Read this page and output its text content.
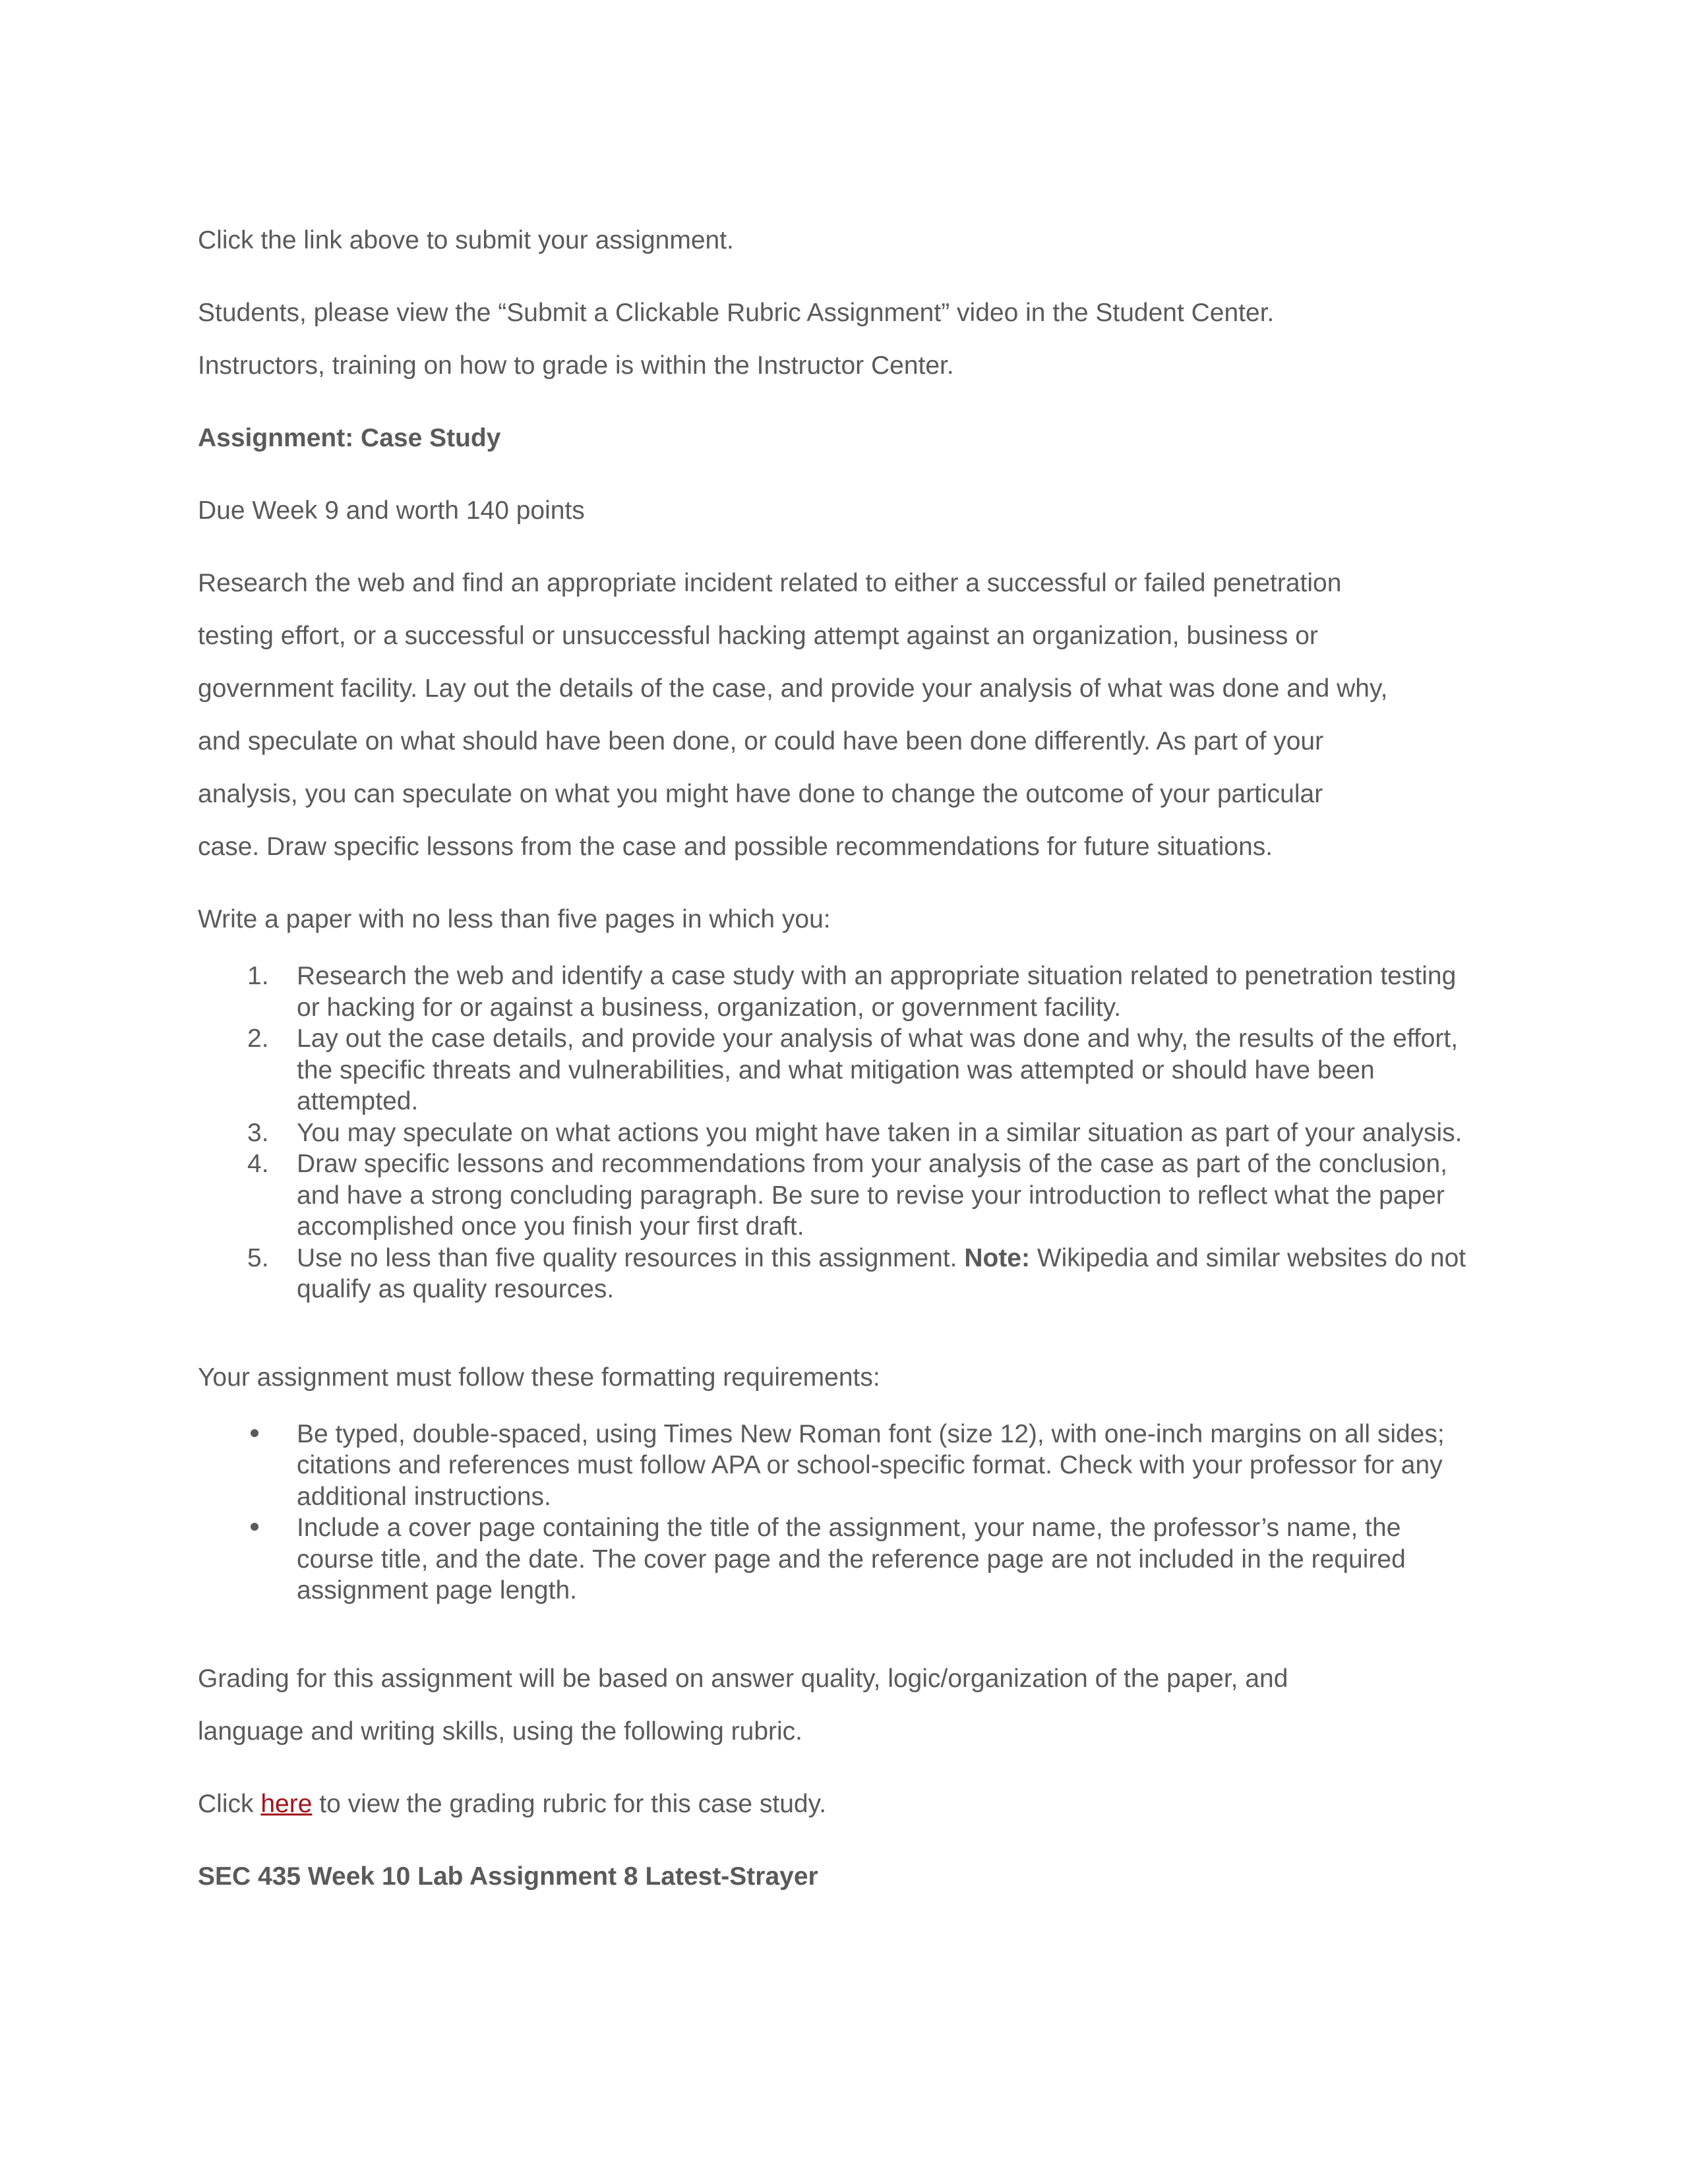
Click the link above to submit your assignment.

Students, please view the “Submit a Clickable Rubric Assignment” video in the Student Center.

Instructors, training on how to grade is within the Instructor Center.

Assignment: Case Study

Due Week 9 and worth 140 points

Research the web and find an appropriate incident related to either a successful or failed penetration

testing effort, or a successful or unsuccessful hacking attempt against an organization, business or

government facility. Lay out the details of the case, and provide your analysis of what was done and why,

and speculate on what should have been done, or could have been done differently. As part of your

analysis, you can speculate on what you might have done to change the outcome of your particular

case. Draw specific lessons from the case and possible recommendations for future situations.

Write a paper with no less than five pages in which you:

1.	Research the web and identify a case study with an appropriate situation related to penetration testing or hacking for or against a business, organization, or government facility.
2.	Lay out the case details, and provide your analysis of what was done and why, the results of the effort, the specific threats and vulnerabilities, and what mitigation was attempted or should have been attempted.
3.	You may speculate on what actions you might have taken in a similar situation as part of your analysis.
4.	Draw specific lessons and recommendations from your analysis of the case as part of the conclusion, and have a strong concluding paragraph. Be sure to revise your introduction to reflect what the paper accomplished once you finish your first draft.
5.	Use no less than five quality resources in this assignment. Note: Wikipedia and similar websites do not qualify as quality resources.

Your assignment must follow these formatting requirements:

Be typed, double-spaced, using Times New Roman font (size 12), with one-inch margins on all sides; citations and references must follow APA or school-specific format. Check with your professor for any additional instructions.
Include a cover page containing the title of the assignment, your name, the professor’s name, the course title, and the date. The cover page and the reference page are not included in the required assignment page length.

Grading for this assignment will be based on answer quality, logic/organization of the paper, and

language and writing skills, using the following rubric.

Click here to view the grading rubric for this case study.

SEC 435 Week 10 Lab Assignment 8 Latest-Strayer
